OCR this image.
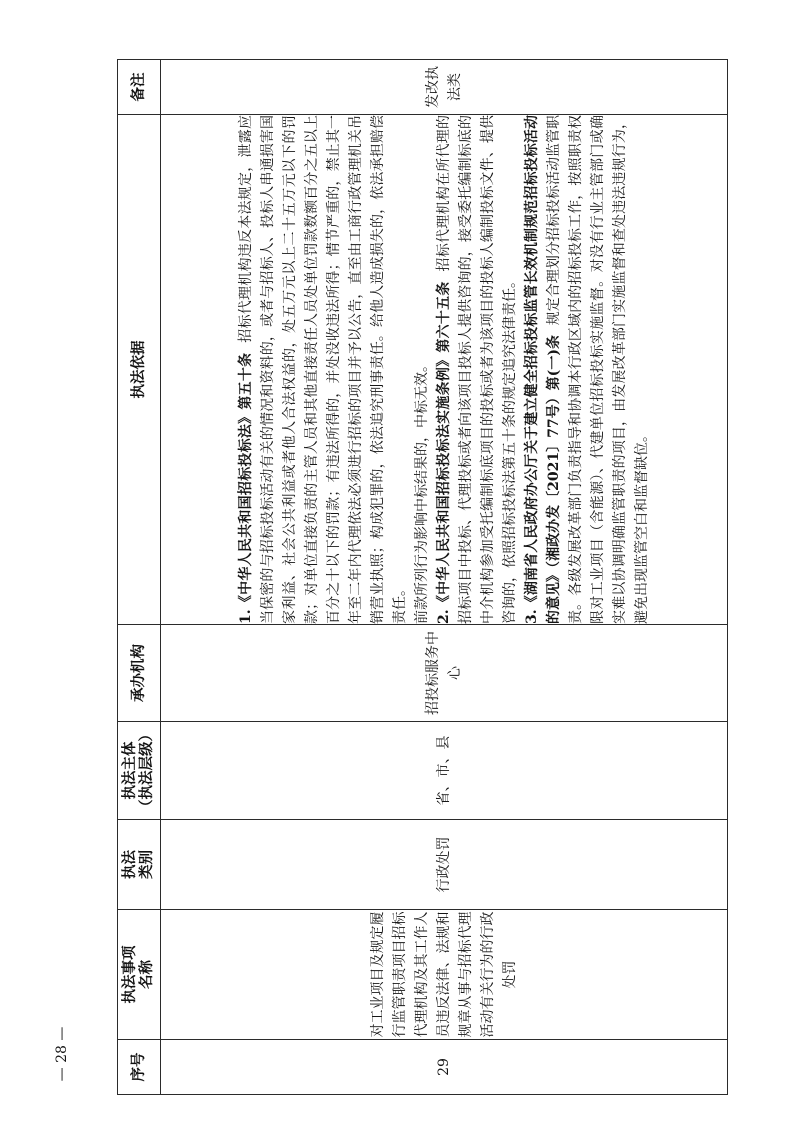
— 28 —	序号	执法事项名称	执法类别	执法主体 （执法层级）	承办机构	执法依据	备注
29	对工业项目及规定履行监管职责项目招标代理机构及其工作人员违反法律、法规和规章从事与招标代理活动有关行为的行政处罚	行政处罚	省、市、县	招投标服务中心	1.《中华人民共和国招标投标法》第五十条招标代理机构违反本法规定，泄露应当保密的与招标投标活动有关的情况和资料的，或者与招标人、投标人串通损害国家利益、社会公共利益或者他人合法权益的，处五万元以上二十五万元以下的罚款；对单位直接负责的主管人员和其他直接责任人员处单位罚款数额百分之五以上百分之十以下的罚款；有违法所得的，并处没收违法所得；情节严重的，禁止其一年至二年内代理依法必须进行招标的项目并予以公告，直至由工商行政管理机关吊销营业执照；构成犯罪的，依法追究刑事责任。给他人造成损失的，依法承担赔偿责任。 前款所列行为影响中标结果的，中标无效。 2.《中华人民共和国招标投标法实施条例》第六十五条招标代理机构在所代理的招标项目中投标、代理投标或者向该项目投标人提供咨询的，接受委托编制标底的中介机构参加受托编制标底项目的投标或者为该项目的投标人编制投标文件、提供咨询的，依照招标投标法第五十条的规定追究法律责任。 3.《湖南省人民政府办公厅关于建立健全招标投标监管长效机制规范招标投标活动的意见》（湘政办发〔2021〕77号）第(一)条规定合理划分招标投标活动监管职责。各级发展改革部门负责指导和协调本行政区域内的招标投标工作，按照职责权限对工业项目（含能源）、代建单位招标投标实施监督。对没有行业主管部门或确实难以协调明确监管职责的项目，由发展改革部门实施监督和查处违法违规行为，避免出现监管空白和监督缺位。	发改执法类
